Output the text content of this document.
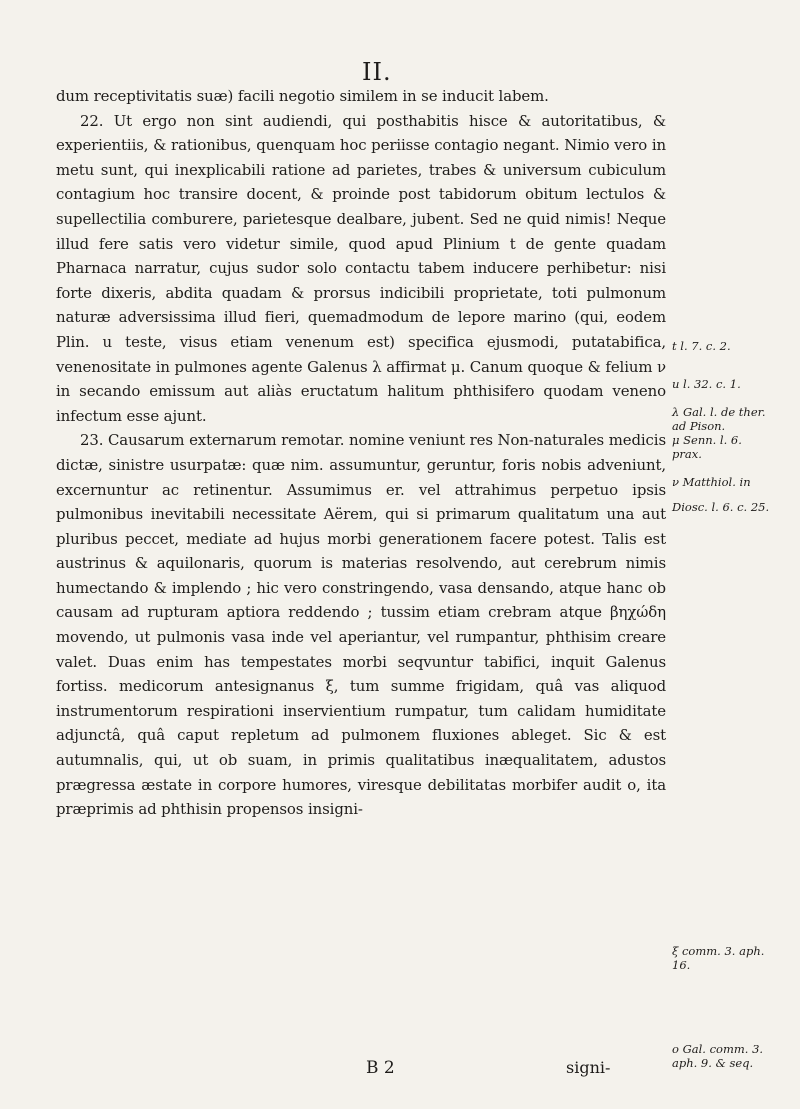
II.

dum receptivitatis suæ) facili negotio similem in se inducit labem.

22. Ut ergo non sint audiendi, qui posthabitis hisce & autoritatibus, & experientiis, & rationibus, quenquam hoc periisse contagio negant. Nimio vero in metu sunt, qui inexplicabili ratione ad parietes, trabes & universum cubiculum contagium hoc transire docent, & proinde post tabidorum obitum lectulos & supellectilia comburere, parietesque dealbare, jubent. Sed ne quid nimis! Neque illud fere satis vero videtur simile, quod apud Plinium t de gente quadam Pharnaca narratur, cujus sudor solo contactu tabem inducere perhibetur: nisi forte dixeris, abdita quadam & prorsus indicibili proprietate, toti pulmonum naturæ adversissima illud fieri, quemadmodum de lepore marino (qui, eodem Plin. u teste, visus etiam venenum est) specifica ejusmodi, putatabifica, venenositate in pulmones agente Galenus λ affirmat μ. Canum quoque & felium ν in secando emissum aut aliàs eructatum halitum phthisifero quodam veneno infectum esse ajunt.

23. Causarum externarum remotar. nomine veniunt res Non-naturales medicis dictæ, sinistre usurpatæ: quæ nim. assumuntur, geruntur, foris nobis adveniunt, excernuntur ac retinentur. Assumimus er. vel attrahimus perpetuo ipsis pulmonibus inevitabili necessitate Aërem, qui si primarum qualitatum una aut pluribus peccet, mediate ad hujus morbi generationem facere potest. Talis est austrinus & aquilonaris, quorum is materias resolvendo, aut cerebrum nimis humectando & implendo ; hic vero constringendo, vasa densando, atque hanc ob causam ad rupturam aptiora reddendo ; tussim etiam crebram atque βηχώδη movendo, ut pulmonis vasa inde vel aperiantur, vel rumpantur, phthisim creare valet. Duas enim has tempestates morbi seqvuntur tabifici, inquit Galenus fortiss. medicorum antesignanus ξ, tum summe frigidam, quâ vas aliquod instrumentorum respirationi inservientium rumpatur, tum calidam humiditate adjunctâ, quâ caput repletum ad pulmonem fluxiones ableget. Sic & est autumnalis, qui, ut ob suam, in primis qualitatibus inæqualitatem, adustos prægressa æstate in corpore humores, viresque debilitatas morbifer audit ο, ita præprimis ad phthisin propensos insigni-

t l. 7. c. 2.
u l. 32. c. 1.
λ Gal. l. de ther.
ad Pison.
μ Senn. l. 6.
prax.
ν Matthiol. in
Diosc. l. 6. c. 25.
ξ comm. 3. aph.
16.
ο Gal. comm. 3.
aph. 9. & seq.
B 2	signi-
